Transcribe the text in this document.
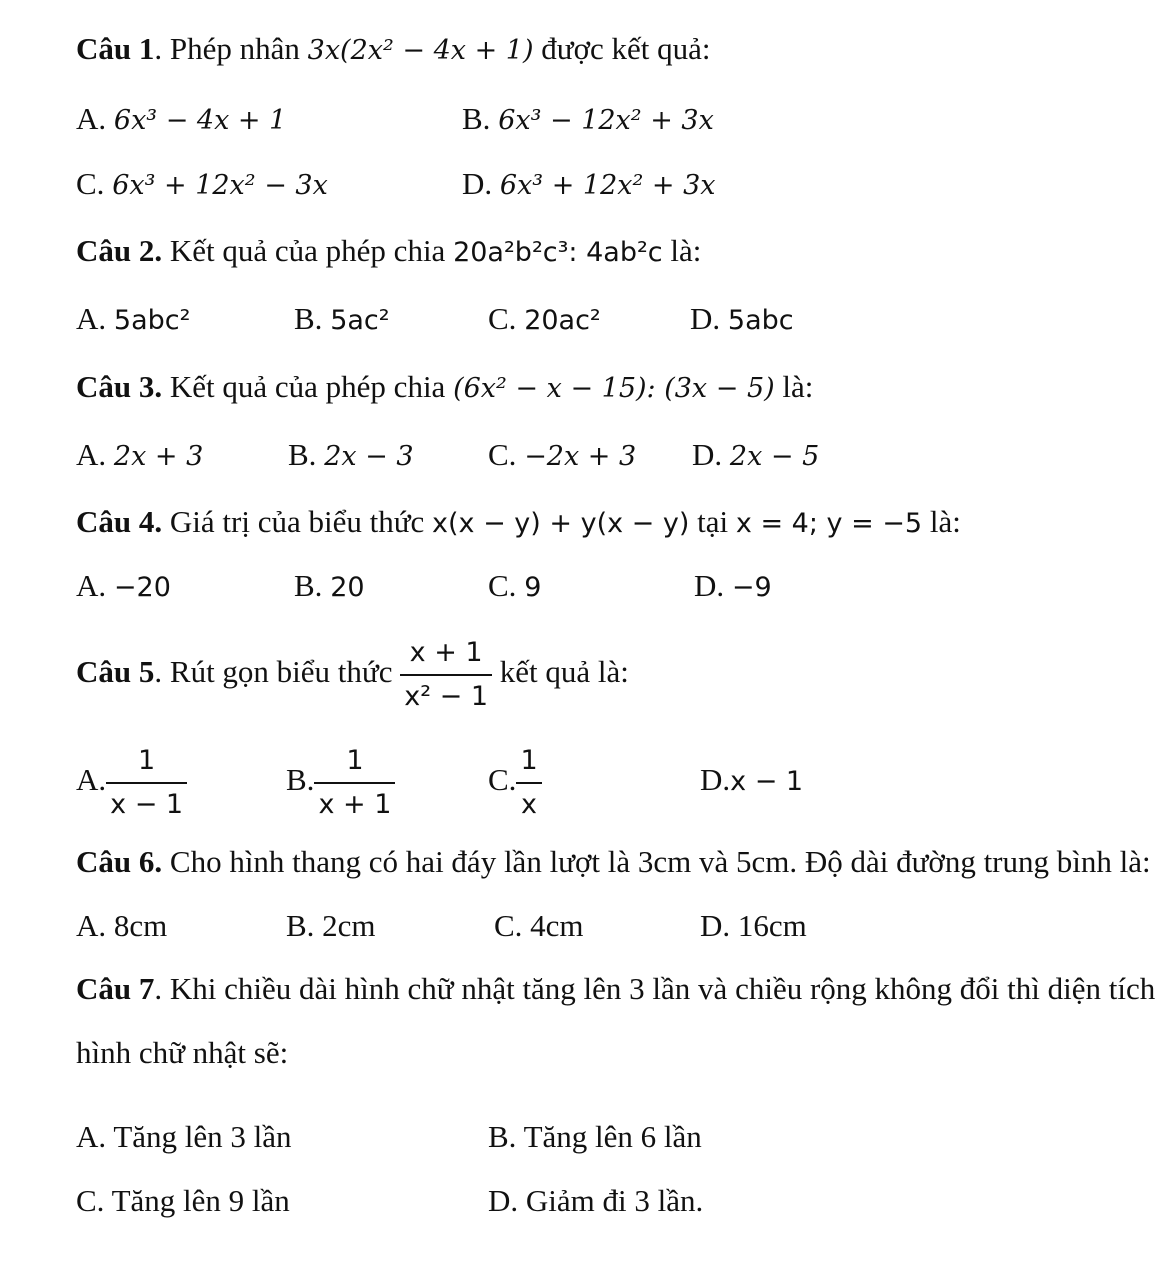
Câu 1. Phép nhân 3x(2x² − 4x + 1) được kết quả:
A. 6x³ − 4x + 1	B. 6x³ − 12x² + 3x
C. 6x³ + 12x² − 3x	D. 6x³ + 12x² + 3x
Câu 2. Kết quả của phép chia 20a²b²c³: 4ab²c là:
A. 5abc²	B. 5ac²	C. 20ac²	D. 5abc
Câu 3. Kết quả của phép chia (6x² − x − 15): (3x − 5) là:
A. 2x + 3	B. 2x − 3 C. −2x + 3 D. 2x − 5
Câu 4. Giá trị của biểu thức x(x − y) + y(x − y) tại x = 4; y = −5 là:
A. −20	B. 20	C. 9	D. −9
Câu 5. Rút gọn biểu thức $\frac{x + 1}{\text{x² − 1}}$ kết quả là:
A. $\frac{1}{x - 1}$	B. $\frac{1}{x + 1}$	C. $\frac{1}{x}$	D.x − 1
Câu 6. Cho hình thang có hai đáy lần lượt là 3cm và 5cm. Độ dài đường trung bình là:
A. 8cm	B. 2cm	C. 4cm	D. 16cm
Câu 7. Khi chiều dài hình chữ nhật tăng lên 3 lần và chiều rộng không đổi thì diện tích
hình chữ nhật sẽ:
A. Tăng lên 3 lần	B. Tăng lên 6 lần
C. Tăng lên 9 lần	D. Giảm đi 3 lần.
